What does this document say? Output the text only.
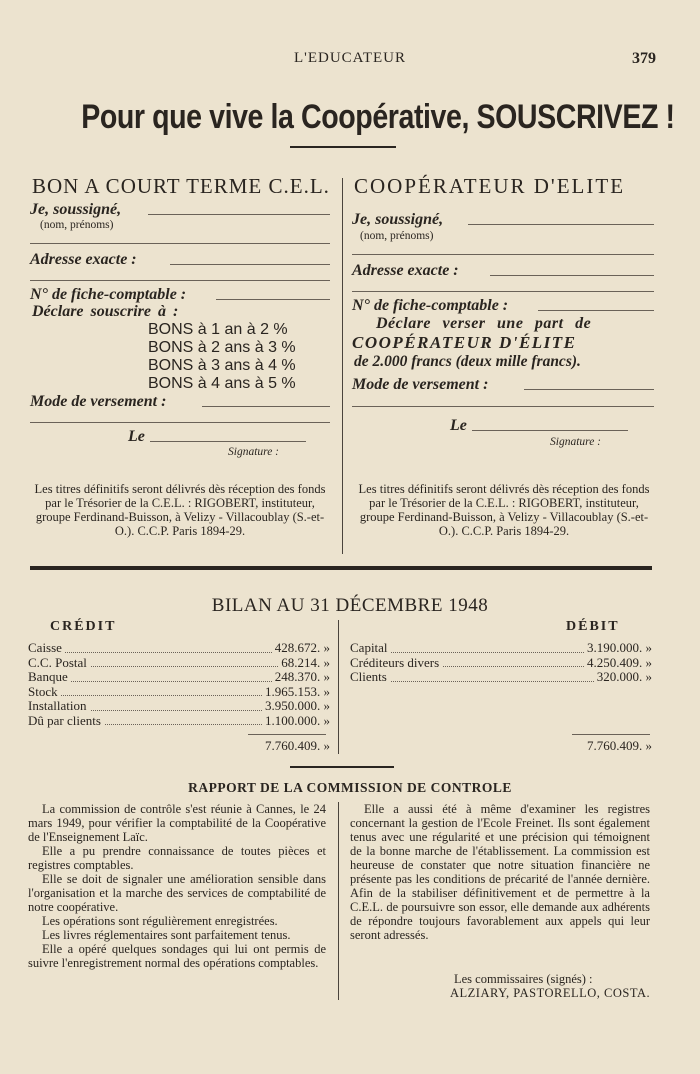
L'EDUCATEUR	379
Pour que vive la Coopérative, SOUSCRIVEZ !
BON A COURT TERME C.E.L.
Je, soussigné,
(nom, prénoms)
Adresse exacte :
N° de fiche-comptable :
Déclare souscrire à :
BONS à 1 an à 2 %
BONS à 2 ans à 3 %
BONS à 3 ans à 4 %
BONS à 4 ans à 5 %
Mode de versement :
Le
Signature :
Les titres définitifs seront délivrés dès réception des fonds par le Trésorier de la C.E.L. : RIGOBERT, instituteur, groupe Ferdinand-Buisson, à Velizy - Villacoublay (S.-et-O.). C.C.P. Paris 1894-29.
COOPÉRATEUR D'ELITE
Je, soussigné,
(nom, prénoms)
Adresse exacte :
N° de fiche-comptable :
Déclare verser une part de
COOPÉRATEUR D'ÉLITE
de 2.000 francs (deux mille francs).
Mode de versement :
Le
Signature :
Les titres définitifs seront délivrés dès réception des fonds par le Trésorier de la C.E.L. : RIGOBERT, instituteur, groupe Ferdinand-Buisson, à Velizy - Villacoublay (S.-et-O.). C.C.P. Paris 1894-29.
BILAN AU 31 DÉCEMBRE 1948
CRÉDIT	DÉBIT
Caisse	428.672. »
C.C. Postal	68.214. »
Banque	248.370. »
Stock	1.965.153. »
Installation	3.950.000. »
Dû par clients	1.100.000. »
7.760.409. »
Capital	3.190.000. »
Créditeurs divers	4.250.409. »
Clients	320.000. »
7.760.409. »
RAPPORT DE LA COMMISSION DE CONTROLE

La commission de contrôle s'est réunie à Cannes, le 24 mars 1949, pour vérifier la comptabilité de la Coopérative de l'Enseignement Laïc.

Elle a pu prendre connaissance de toutes pièces et registres comptables.

Elle se doit de signaler une amélioration sensible dans l'organisation et la marche des services de comptabilité de notre coopérative.

Les opérations sont régulièrement enregistrées.

Les livres réglementaires sont parfaitement tenus.

Elle a opéré quelques sondages qui lui ont permis de suivre l'enregistrement normal des opérations comptables.

Elle a aussi été à même d'examiner les registres concernant la gestion de l'Ecole Freinet. Ils sont également tenus avec une régularité et une précision qui témoignent de la bonne marche de l'établissement. La commission est heureuse de constater que notre situation financière ne présente pas les conditions de précarité de l'année dernière. Afin de la stabiliser définitivement et de permettre à la C.E.L. de poursuivre son essor, elle demande aux adhérents de répondre toujours favorablement aux appels qui leur seront adressés.

Les commissaires (signés) :
ALZIARY, PASTORELLO, COSTA.
